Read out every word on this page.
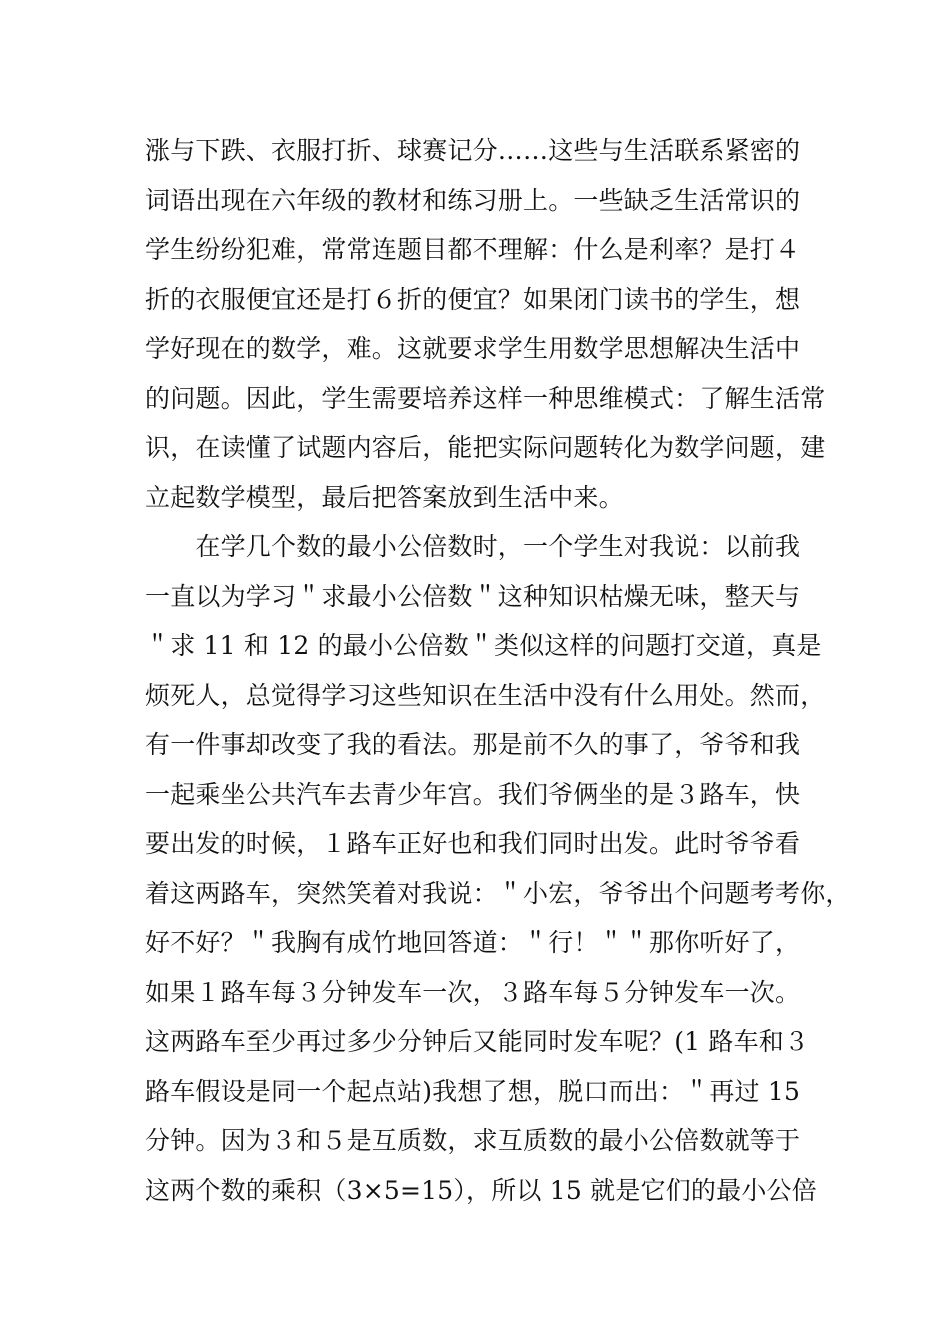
涨与下跌、衣服打折、球赛记分……这些与生活联系紧密的
词语出现在六年级的教材和练习册上。一些缺乏生活常识的
学生纷纷犯难，常常连题目都不理解：什么是利率？是打４
折的衣服便宜还是打６折的便宜？如果闭门读书的学生，想
学好现在的数学，难。这就要求学生用数学思想解决生活中
的问题。因此，学生需要培养这样一种思维模式：了解生活常
识，在读懂了试题内容后，能把实际问题转化为数学问题，建
立起数学模型，最后把答案放到生活中来。
　　在学几个数的最小公倍数时，一个学生对我说：以前我
一直以为学习＂求最小公倍数＂这种知识枯燥无味，整天与
＂求 11 和 12 的最小公倍数＂类似这样的问题打交道，真是
烦死人，总觉得学习这些知识在生活中没有什么用处。然而，
有一件事却改变了我的看法。那是前不久的事了，爷爷和我
一起乘坐公共汽车去青少年宫。我们爷俩坐的是３路车，快
要出发的时候，１路车正好也和我们同时出发。此时爷爷看
着这两路车，突然笑着对我说：＂小宏，爷爷出个问题考考你，
好不好？＂我胸有成竹地回答道：＂行！＂＂那你听好了，
如果１路车每３分钟发车一次，３路车每５分钟发车一次。
这两路车至少再过多少分钟后又能同时发车呢？(1 路车和３
路车假设是同一个起点站)我想了想，脱口而出：＂再过 15
分钟。因为３和５是互质数，求互质数的最小公倍数就等于
这两个数的乘积（3×5=15），所以 15 就是它们的最小公倍
